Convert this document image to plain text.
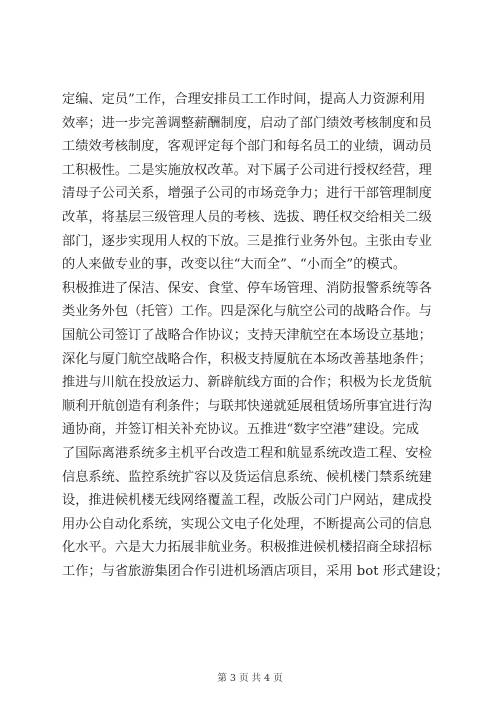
定编、定员”工作，合理安排员工工作时间，提高人力资源利用
效率；进一步完善调整薪酬制度，启动了部门绩效考核制度和员
工绩效考核制度，客观评定每个部门和每名员工的业绩，调动员
工积极性。二是实施放权改革。对下属子公司进行授权经营，理
清母子公司关系，增强子公司的市场竞争力；进行干部管理制度
改革，将基层三级管理人员的考核、选拔、聘任权交给相关二级
部门，逐步实现用人权的下放。三是推行业务外包。主张由专业
的人来做专业的事，改变以往“大而全”、“小而全”的模式。
积极推进了保洁、保安、食堂、停车场管理、消防报警系统等各
类业务外包（托管）工作。四是深化与航空公司的战略合作。与
国航公司签订了战略合作协议；支持天津航空在本场设立基地；
深化与厦门航空战略合作，积极支持厦航在本场改善基地条件；
推进与川航在投放运力、新辟航线方面的合作；积极为长龙货航
顺利开航创造有利条件；与联邦快递就延展租赁场所事宜进行沟
通协商，并签订相关补充协议。五推进“数字空港”建设。完成
了国际离港系统多主机平台改造工程和航显系统改造工程、安检
信息系统、监控系统扩容以及货运信息系统、候机楼门禁系统建
设，推进候机楼无线网络覆盖工程，改版公司门户网站，建成投
用办公自动化系统，实现公文电子化处理，不断提高公司的信息
化水平。六是大力拓展非航业务。积极推进候机楼招商全球招标
工作；与省旅游集团合作引进机场酒店项目，采用 bot 形式建设；
第 3 页 共 4 页
